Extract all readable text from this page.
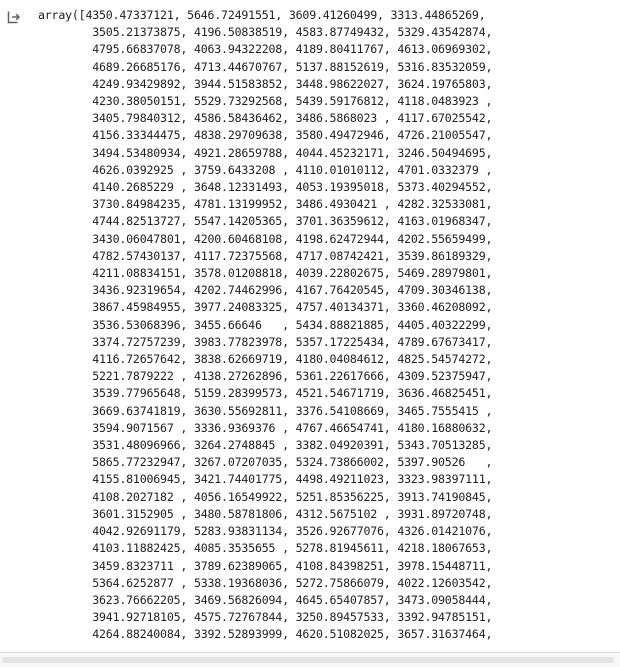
array([4350.47337121, 5646.72491551, 3609.41260499, 3313.44865269,
3505.21373875, 4196.50838519, 4583.87749432, 5329.43542874,
4795.66837078, 4063.94322208, 4189.80411767, 4613.06969302,
4689.26685176, 4713.44670767, 5137.88152619, 5316.83532059,
4249.93429892, 3944.51583852, 3448.98622027, 3624.19765803,
4230.38050151, 5529.73292568, 5439.59176812, 4118.0483923 ,
3405.79840312, 4586.58436462, 3486.5868023 , 4117.67025542,
4156.33344475, 4838.29709638, 3580.49472946, 4726.21005547,
3494.53480934, 4921.28659788, 4044.45232171, 3246.50494695,
4626.0392925 , 3759.6433208 , 4110.01010112, 4701.0332379 ,
4140.2685229 , 3648.12331493, 4053.19395018, 5373.40294552,
3730.84984235, 4781.13199952, 3486.4930421 , 4282.32533081,
4744.82513727, 5547.14205365, 3701.36359612, 4163.01968347,
3430.06047801, 4200.60468108, 4198.62472944, 4202.55659499,
4782.57430137, 4117.72375568, 4717.08742421, 3539.86189329,
4211.08834151, 3578.01208818, 4039.22802675, 5469.28979801,
3436.92319654, 4202.74462996, 4167.76420545, 4709.30346138,
3867.45984955, 3977.24083325, 4757.40134371, 3360.46208092,
3536.53068396, 3455.66646   , 5434.88821885, 4405.40322299,
3374.72757239, 3983.77823978, 5357.17225434, 4789.67673417,
4116.72657642, 3838.62669719, 4180.04084612, 4825.54574272,
5221.7879222 , 4138.27262896, 5361.22617666, 4309.52375947,
3539.77965648, 5159.28399573, 4521.54671719, 3636.46825451,
3669.63741819, 3630.55692811, 3376.54108669, 3465.7555415 ,
3594.9071567 , 3336.9369376 , 4767.46654741, 4180.16880632,
3531.48096966, 3264.2748845 , 3382.04920391, 5343.70513285,
5865.77232947, 3267.07207035, 5324.73866002, 5397.90526   ,
4155.81006945, 3421.74401775, 4498.49211023, 3323.98397111,
4108.2027182 , 4056.16549922, 5251.85356225, 3913.74190845,
3601.3152905 , 3480.58781806, 4312.5675102 , 3931.89720748,
4042.92691179, 5283.93831134, 3526.92677076, 4326.01421076,
4103.11882425, 4085.3535655 , 5278.81945611, 4218.18067653,
3459.8323711 , 3789.62389065, 4108.84398251, 3978.15448711,
5364.6252877 , 5338.19368036, 5272.75866079, 4022.12603542,
3623.76662205, 3469.56826094, 4645.65407857, 3473.09058444,
3941.92718105, 4575.72767844, 3250.89457533, 3392.94785151,
4264.88240084, 3392.52893999, 4620.51082025, 3657.31637464,
